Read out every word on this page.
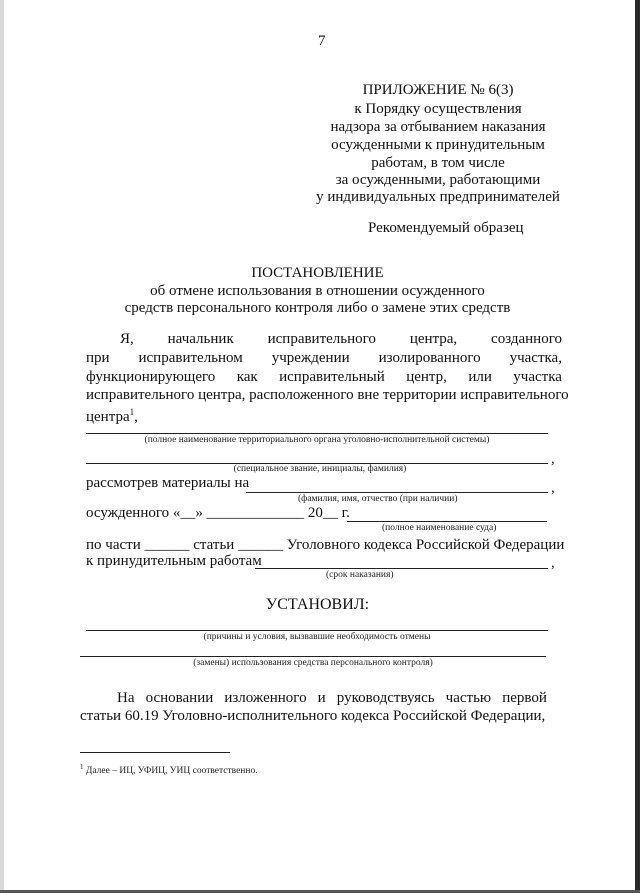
7
ПРИЛОЖЕНИЕ № 6(3)
к Порядку осуществления
надзора за отбыванием наказания
осужденными к принудительным
работам, в том числе
за осужденными, работающими
у индивидуальных предпринимателей
Рекомендуемый образец
ПОСТАНОВЛЕНИЕ
об отмене использования в отношении осужденного
средств персонального контроля либо о замене этих средств
Я, начальник исправительного центра, созданного
при исправительном учреждении изолированного участка,
функционирующего как исправительный центр, или участка
исправительного центра, расположенного вне территории исправительного
центра$^1$,
(полное наименование территориального органа уголовно-исполнительной системы)
,
(специальное звание, инициалы, фамилия)
рассмотрев материалы на	,
(фамилия, имя, отчество (при наличии)
осужденного «__» _____________ 20__ г.
(полное наименование суда)
по части ______ статьи ______ Уголовного кодекса Российской Федерации
к принудительным работам	,
(срок наказания)
УСТАНОВИЛ:
(причины и условия, вызвавшие необходимость отмены
(замены) использования средства персонального контроля)
На основании изложенного и руководствуясь частью первой
статьи 60.19 Уголовно-исполнительного кодекса Российской Федерации,
$^1$ Далее – ИЦ, УФИЦ, УИЦ соответственно.
